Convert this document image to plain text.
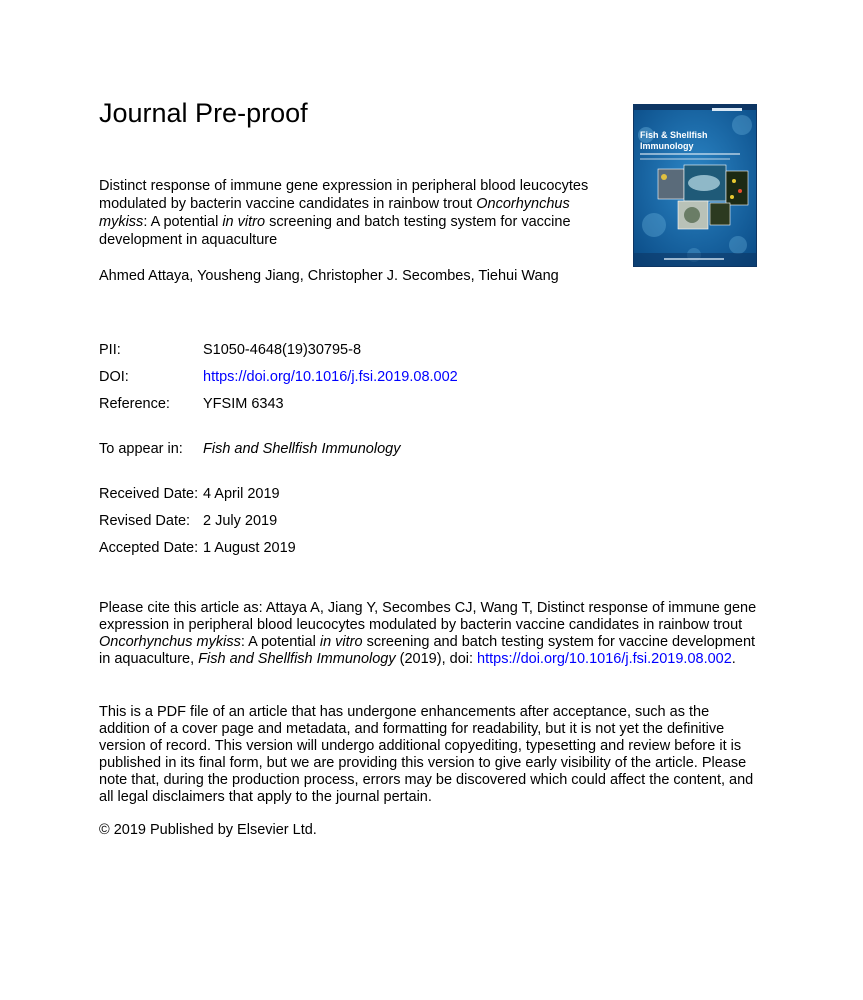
Journal Pre-proof
Fish & Shellfish
Immunology
Distinct response of immune gene expression in peripheral blood leucocytes modulated by bacterin vaccine candidates in rainbow trout Oncorhynchus mykiss: A potential in vitro screening and batch testing system for vaccine development in aquaculture
Ahmed Attaya, Yousheng Jiang, Christopher J. Secombes, Tiehui Wang
PII:	S1050-4648(19)30795-8
DOI:	https://doi.org/10.1016/j.fsi.2019.08.002
Reference: YFSIM 6343
To appear in: Fish and Shellfish Immunology
Received Date: 4 April 2019
Revised Date: 2 July 2019
Accepted Date: 1 August 2019
Please cite this article as: Attaya A, Jiang Y, Secombes CJ, Wang T, Distinct response of immune gene expression in peripheral blood leucocytes modulated by bacterin vaccine candidates in rainbow trout Oncorhynchus mykiss: A potential in vitro screening and batch testing system for vaccine development in aquaculture, Fish and Shellfish Immunology (2019), doi: https://doi.org/10.1016/j.fsi.2019.08.002.
This is a PDF file of an article that has undergone enhancements after acceptance, such as the addition of a cover page and metadata, and formatting for readability, but it is not yet the definitive version of record. This version will undergo additional copyediting, typesetting and review before it is published in its final form, but we are providing this version to give early visibility of the article. Please note that, during the production process, errors may be discovered which could affect the content, and all legal disclaimers that apply to the journal pertain.
© 2019 Published by Elsevier Ltd.
